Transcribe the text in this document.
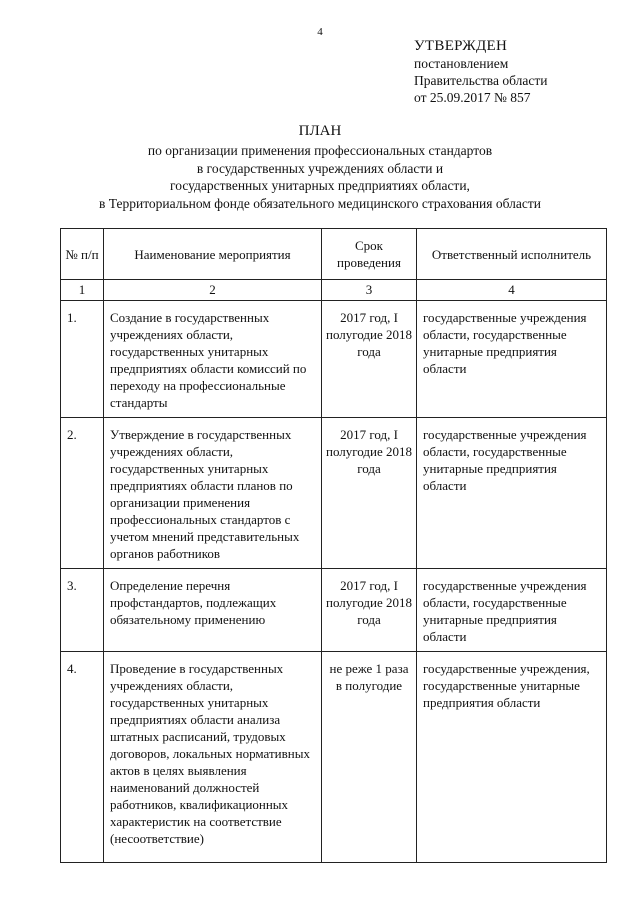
4
УТВЕРЖДЕН
постановлением
Правительства области
от 25.09.2017 № 857
ПЛАН
по организации применения профессиональных стандартов
в государственных учреждениях области и
государственных унитарных предприятиях области,
в Территориальном фонде обязательного медицинского страхования области
№ п/п	Наименование мероприятия	Срок проведения	Ответственный исполнитель
1	2	3	4
1.	Создание в государственных учреждениях области, государственных унитарных предприятиях области комиссий по переходу на профессиональные стандарты	2017 год, I полугодие 2018 года	государственные учреждения области, государственные унитарные предприятия области
2.	Утверждение в государственных учреждениях области, государственных унитарных предприятиях области планов по организации применения профессиональных стандартов с учетом мнений представительных органов работников	2017 год, I полугодие 2018 года	государственные учреждения области, государственные унитарные предприятия области
3.	Определение перечня профстандартов, подлежащих обязательному применению	2017 год, I полугодие 2018 года	государственные учреждения области, государственные унитарные предприятия области
4.	Проведение в государственных учреждениях области, государственных унитарных предприятиях области анализа штатных расписаний, трудовых договоров, локальных нормативных актов в целях выявления наименований должностей работников, квалификационных характеристик на соответствие (несоответствие)	не реже 1 раза в полугодие	государственные учреждения, государственные унитарные предприятия области
